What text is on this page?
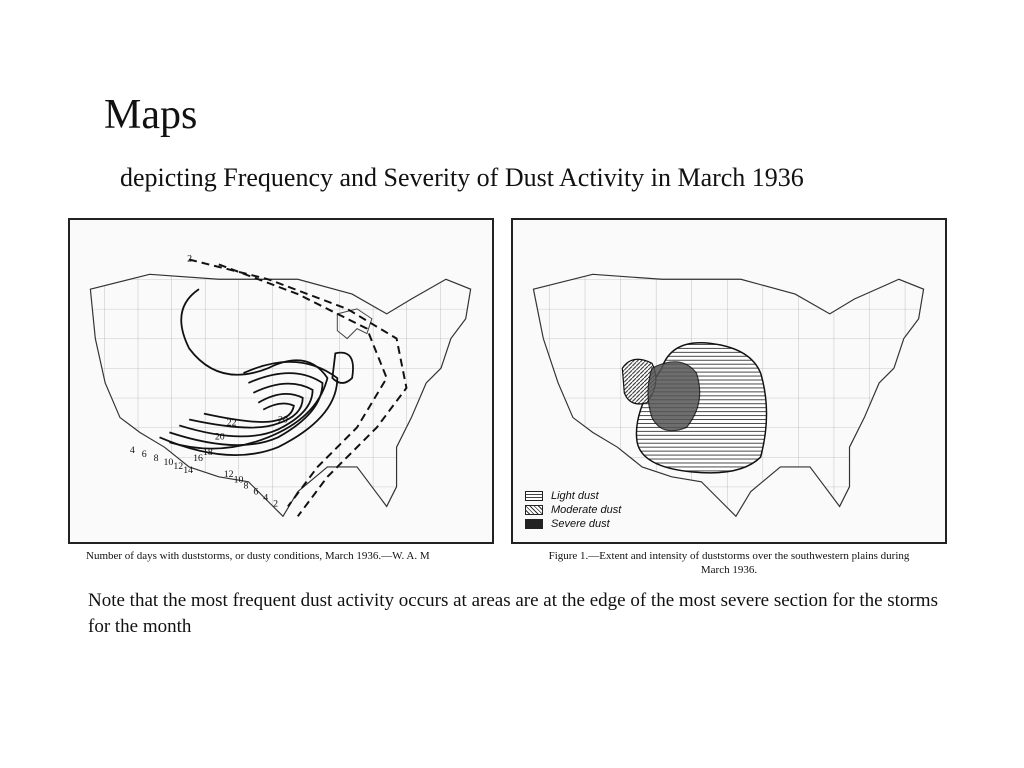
Maps
depicting Frequency and Severity of Dust Activity in March 1936
2
4 6 8 10 12 14
16
18
20
22	20
2
4
6
8
10
12
Number of days with duststorms, or dusty conditions, March 1936.—W. A. M
Light dust
Moderate dust
Severe dust
Figure 1.—Extent and intensity of duststorms over the southwestern plains during
March 1936.

Note that the most frequent dust activity occurs at areas are at the edge of the most severe section for the storms for the month
